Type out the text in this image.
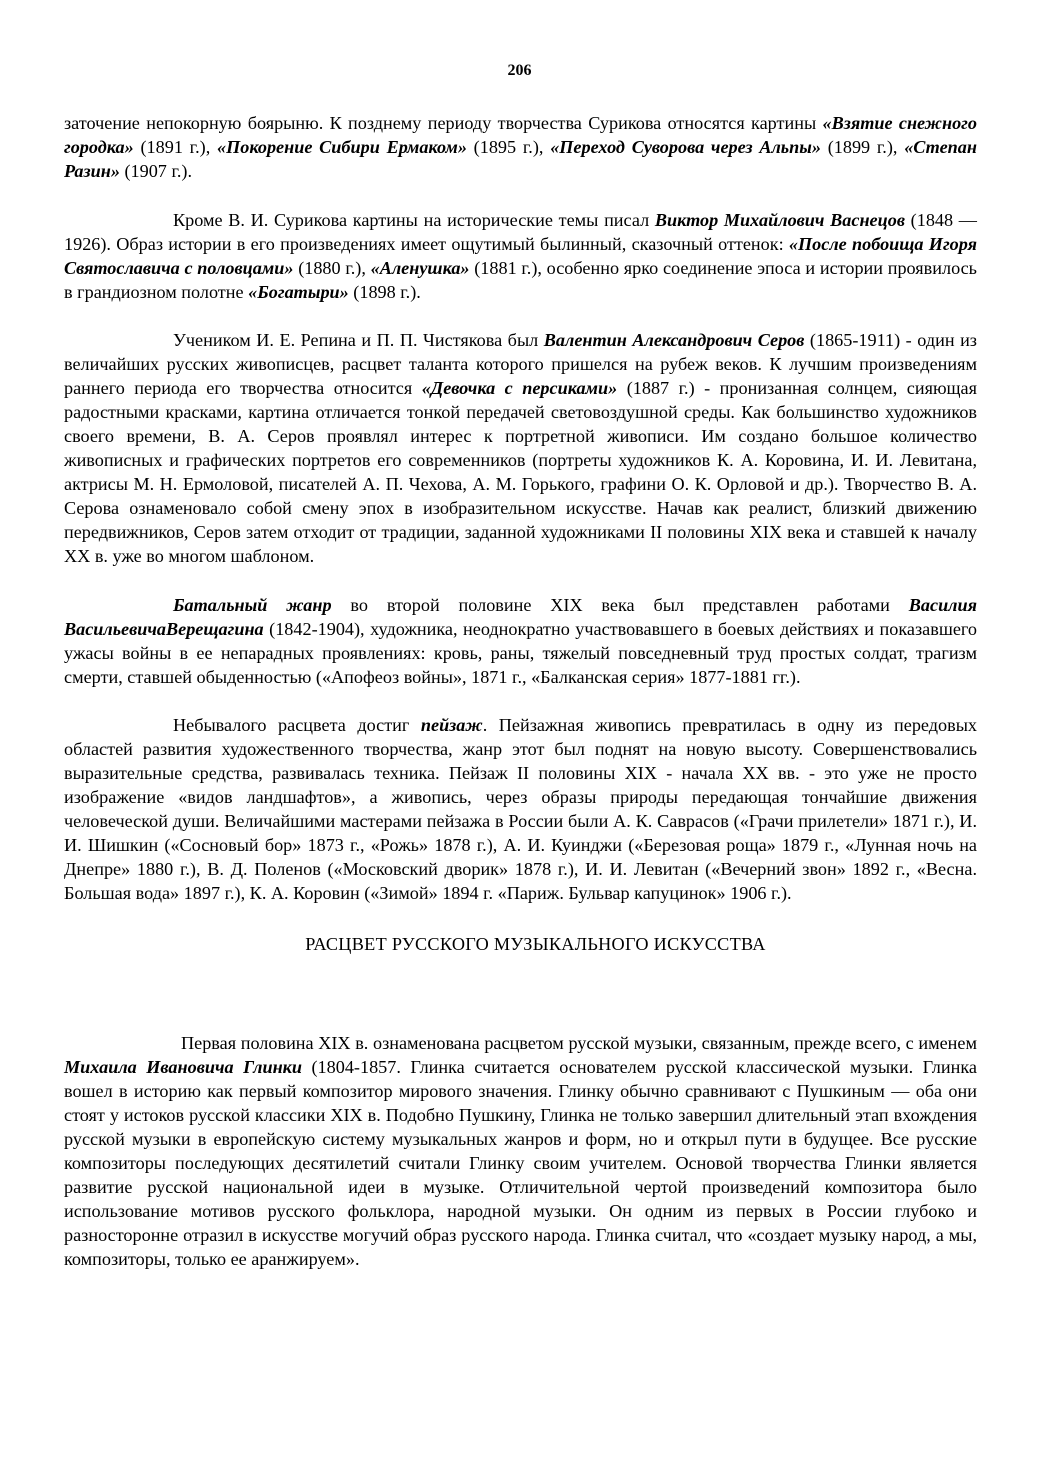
206

заточение непокорную боярыню. К позднему периоду творчества Сурикова относятся картины «Взятие снежного городка» (1891 г.), «Покорение Сибири Ермаком» (1895 г.), «Переход Суворова через Альпы» (1899 г.), «Степан Разин» (1907 г.).

Кроме В. И. Сурикова картины на исторические темы писал Виктор Михайлович Васнецов (1848 —1926). Образ истории в его произведениях имеет ощутимый былинный, сказочный оттенок: «После побоища Игоря Святославича с половцами» (1880 г.), «Аленушка» (1881 г.), особенно ярко соединение эпоса и истории проявилось в грандиозном полотне «Богатыри» (1898 г.).

Учеником И. Е. Репина и П. П. Чистякова был Валентин Александрович Серов (1865-1911) - один из величайших русских живописцев, расцвет таланта которого пришелся на рубеж веков. К лучшим произведениям раннего периода его творчества относится «Девочка с персиками» (1887 г.) - пронизанная солнцем, сияющая радостными красками, картина отличается тонкой передачей световоздушной среды. Как большинство художников своего времени, В. А. Серов проявлял интерес к портретной живописи. Им создано большое количество живописных и графических портретов его современников (портреты художников К. А. Коровина, И. И. Левитана, актрисы М. Н. Ермоловой, писателей А. П. Чехова, А. М. Горького, графини О. К. Орловой и др.). Творчество В. А. Серова ознаменовало собой смену эпох в изобразительном искусстве. Начав как реалист, близкий движению передвижников, Серов затем отходит от традиции, заданной художниками II половины XIX века и ставшей к началу XX в. уже во многом шаблоном.

Батальный жанр во второй половине XIX века был представлен работами Василия ВасильевичаВерещагина (1842-1904), художника, неоднократно участвовавшего в боевых действиях и показавшего ужасы войны в ее непарадных проявлениях: кровь, раны, тяжелый повседневный труд простых солдат, трагизм смерти, ставшей обыденностью («Апофеоз войны», 1871 г., «Балканская серия» 1877-1881 гг.).

Небывалого расцвета достиг пейзаж. Пейзажная живопись превратилась в одну из передовых областей развития художественного творчества, жанр этот был поднят на новую высоту. Совершенствовались выразительные средства, развивалась техника. Пейзаж II половины XIX - начала XX вв. - это уже не просто изображение «видов ландшафтов», а живопись, через образы природы передающая тончайшие движения человеческой души. Величайшими мастерами пейзажа в России были А. К. Саврасов («Грачи прилетели» 1871 г.), И. И. Шишкин («Сосновый бор» 1873 г., «Рожь» 1878 г.), А. И. Куинджи («Березовая роща» 1879 г., «Лунная ночь на Днепре» 1880 г.), В. Д. Поленов («Московский дворик» 1878 г.), И. И. Левитан («Вечерний звон» 1892 г., «Весна. Большая вода» 1897 г.), К. А. Коровин («Зимой» 1894 г. «Париж. Бульвар капуцинок» 1906 г.).

РАСЦВЕТ РУССКОГО МУЗЫКАЛЬНОГО ИСКУССТВА

Первая половина XIX в. ознаменована расцветом русской музыки, связанным, прежде всего, с именем Михаила Ивановича Глинки (1804-1857. Глинка считается основателем русской классической музыки. Глинка вошел в историю как первый композитор мирового значения. Глинку обычно сравнивают с Пушкиным — оба они стоят у истоков русской классики XIX в. Подобно Пушкину, Глинка не только завершил длительный этап вхождения русской музыки в европейскую систему музыкальных жанров и форм, но и открыл пути в будущее. Все русские композиторы последующих десятилетий считали Глинку своим учителем. Основой творчества Глинки является развитие русской национальной идеи в музыке. Отличительной чертой произведений композитора было использование мотивов русского фольклора, народной музыки. Он одним из первых в России глубоко и разносторонне отразил в искусстве могучий образ русского народа. Глинка считал, что «создает музыку народ, а мы, композиторы, только ее аранжируем».
